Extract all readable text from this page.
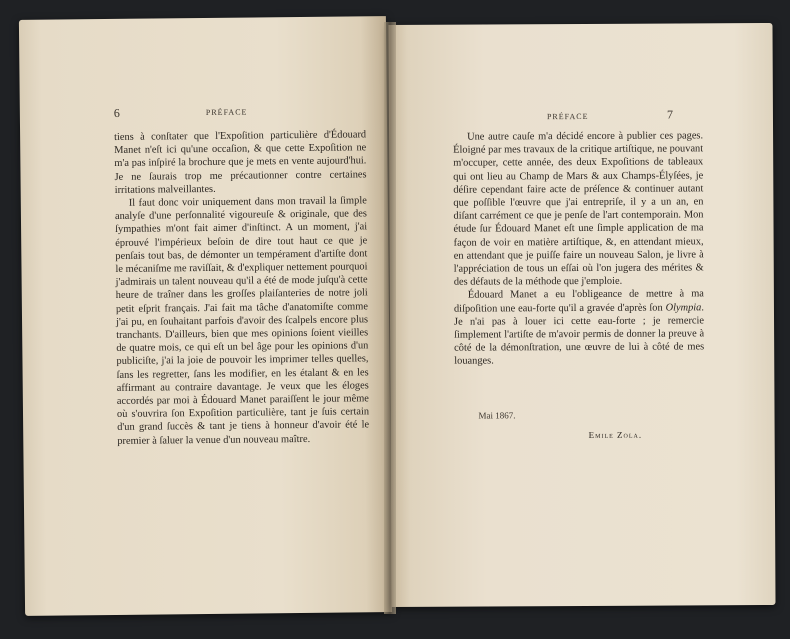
6	PRÉFACE

tiens à conſtater que l'Expoſition particulière d'Édouard Manet n'eſt ici qu'une occaſion, & que cette Expoſition ne m'a pas inſpiré la brochure que je mets en vente aujourd'hui. Je ne ſaurais trop me précautionner contre certaines irritations malveillantes.

Il faut donc voir uniquement dans mon travail la ſimple analyſe d'une perſonnalité vigoureuſe & originale, que des ſympathies m'ont fait aimer d'inſtinct. A un moment, j'ai éprouvé l'impérieux beſoin de dire tout haut ce que je penſais tout bas, de démonter un tempérament d'artiſte dont le mécaniſme me raviſſait, & d'expliquer nettement pourquoi j'admirais un talent nouveau qu'il a été de mode juſqu'à cette heure de traîner dans les groſſes plaiſanteries de notre joli petit eſprit français. J'ai fait ma tâche d'anatomiſte comme j'ai pu, en ſouhaitant parfois d'avoir des ſcalpels encore plus tranchants. D'ailleurs, bien que mes opinions ſoient vieilles de quatre mois, ce qui eſt un bel âge pour les opinions d'un publiciſte, j'ai la joie de pouvoir les imprimer telles quelles, ſans les regretter, ſans les modifier, en les étalant & en les affirmant au contraire davantage. Je veux que les éloges accordés par moi à Édouard Manet paraiſſent le jour même où s'ouvrira ſon Expoſition particulière, tant je ſuis certain d'un grand ſuccès & tant je tiens à honneur d'avoir été le premier à ſaluer la venue d'un nouveau maître.

PRÉFACE	7

Une autre cauſe m'a décidé encore à publier ces pages. Éloigné par mes travaux de la critique artiſtique, ne pouvant m'occuper, cette année, des deux Expoſitions de tableaux qui ont lieu au Champ de Mars & aux Champs-Élyſées, je déſire cependant faire acte de préſence & continuer autant que poſſible l'œuvre que j'ai entrepriſe, il y a un an, en diſant carrément ce que je penſe de l'art contemporain. Mon étude ſur Édouard Manet eſt une ſimple application de ma façon de voir en matière artiſtique, &, en attendant mieux, en attendant que je puiſſe faire un nouveau Salon, je livre à l'appréciation de tous un eſſai où l'on jugera des mérites & des défauts de la méthode que j'emploie.

Édouard Manet a eu l'obligeance de mettre à ma diſpoſition une eau-forte qu'il a gravée d'après ſon Olympia. Je n'ai pas à louer ici cette eau-forte ; je remercie ſimplement l'artiſte de m'avoir permis de donner la preuve à côté de la démonſtration, une œuvre de lui à côté de mes louanges.

Mai 1867.
Emile Zola.
